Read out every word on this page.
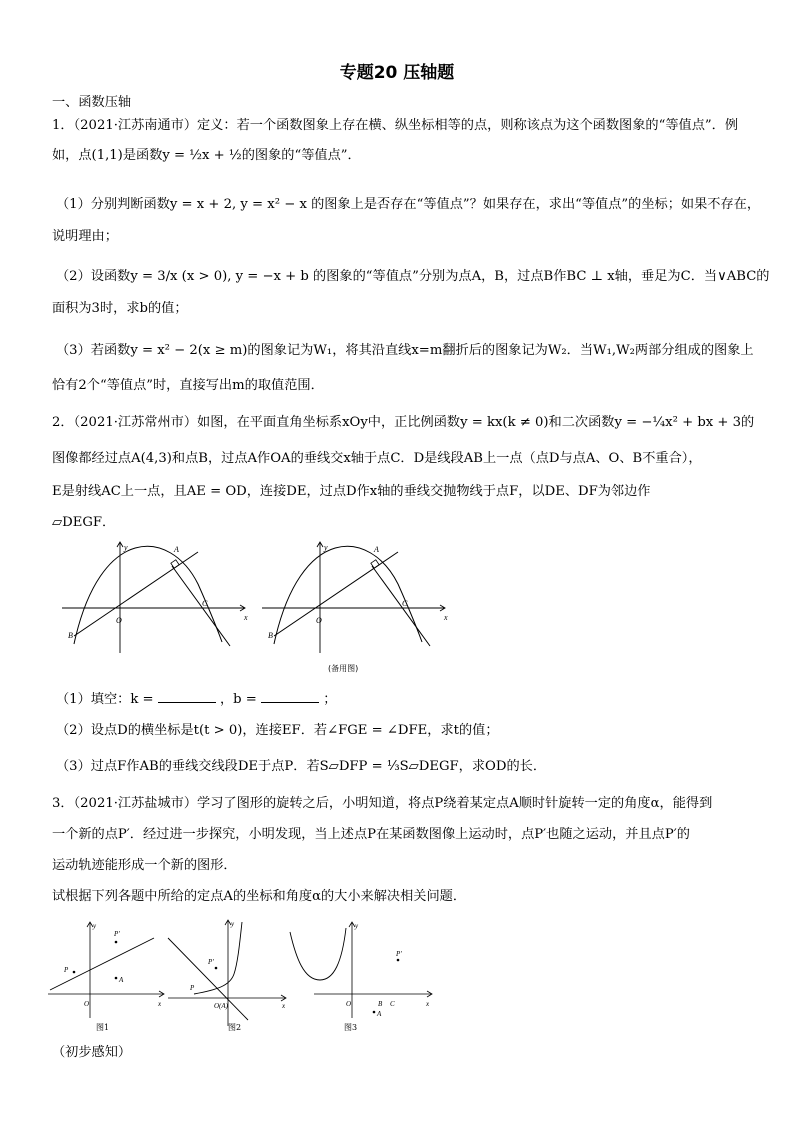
专题20 压轴题
一、函数压轴
1．（2021·江苏南通市）定义：若一个函数图象上存在横、纵坐标相等的点，则称该点为这个函数图象的“等值点”．例
如，点(1,1)是函数y = ½x + ½的图象的“等值点”．
（1）分别判断函数y = x + 2, y = x² − x 的图象上是否存在“等值点”？如果存在，求出“等值点”的坐标；如果不存在，
说明理由；
（2）设函数y = 3/x (x > 0), y = −x + b 的图象的“等值点”分别为点A，B，过点B作BC ⊥ x轴，垂足为C．当∨ABC的
面积为3时，求b的值；
（3）若函数y = x² − 2(x ≥ m)的图象记为W₁，将其沿直线x=m翻折后的图象记为W₂．当W₁,W₂两部分组成的图象上
恰有2个“等值点”时，直接写出m的取值范围．
2．（2021·江苏常州市）如图，在平面直角坐标系xOy中，正比例函数y = kx(k ≠ 0)和二次函数y = −¼x² + bx + 3的
图像都经过点A(4,3)和点B，过点A作OA的垂线交x轴于点C．D是线段AB上一点（点D与点A、O、B不重合），
E是射线AC上一点，且AE = OD，连接DE，过点D作x轴的垂线交抛物线于点F，以DE、DF为邻边作
▱DEGF．
x
y
O
A
B
C
x
y
O
A
B
C
(备用图)
（1）填空：k =	，b =	；
（2）设点D的横坐标是t(t > 0)，连接EF．若∠FGE = ∠DFE，求t的值；
（3）过点F作AB的垂线交线段DE于点P．若S▱DFP = ⅓S▱DEGF，求OD的长．
3．（2021·江苏盐城市）学习了图形的旋转之后，小明知道，将点P绕着某定点A顺时针旋转一定的角度α，能得到
一个新的点P′．经过进一步探究，小明发现，当上述点P在某函数图像上运动时，点P′也随之运动，并且点P′的
运动轨迹能形成一个新的图形．
试根据下列各题中所给的定点A的坐标和角度α的大小来解决相关问题．
P
P′
A
O	x
y
图1
P′
P
O(A)	x
y
图2
P′
A
O	B C	x
y
图3
（初步感知）
